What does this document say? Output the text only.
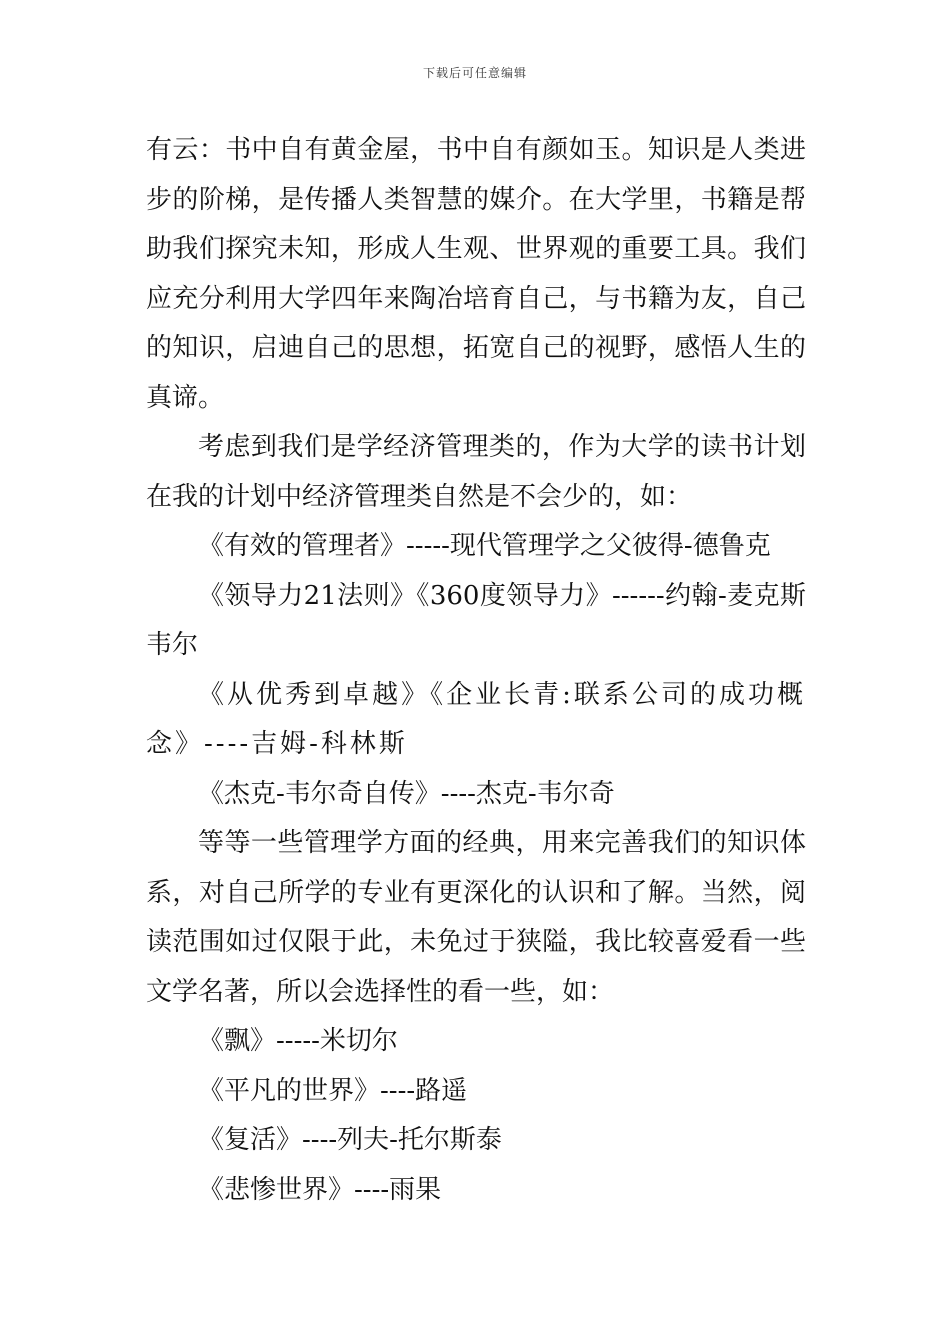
下载后可任意编辑

有云：书中自有黄金屋，书中自有颜如玉。知识是人类进步的阶梯，是传播人类智慧的媒介。在大学里，书籍是帮助我们探究未知，形成人生观、世界观的重要工具。我们应充分利用大学四年来陶冶培育自己，与书籍为友，自己的知识，启迪自己的思想，拓宽自己的视野，感悟人生的真谛。

考虑到我们是学经济管理类的，作为大学的读书计划在我的计划中经济管理类自然是不会少的，如：

《有效的管理者》-----现代管理学之父彼得-德鲁克

《领导力21法则》《360度领导力》------约翰-麦克斯韦尔

《从优秀到卓越》《企业长青:联系公司的成功概念》----吉姆-科林斯

《杰克-韦尔奇自传》----杰克-韦尔奇

等等一些管理学方面的经典，用来完善我们的知识体系，对自己所学的专业有更深化的认识和了解。当然，阅读范围如过仅限于此，未免过于狭隘，我比较喜爱看一些文学名著，所以会选择性的看一些，如：

《飘》-----米切尔

《平凡的世界》----路遥

《复活》----列夫-托尔斯泰

《悲惨世界》----雨果
